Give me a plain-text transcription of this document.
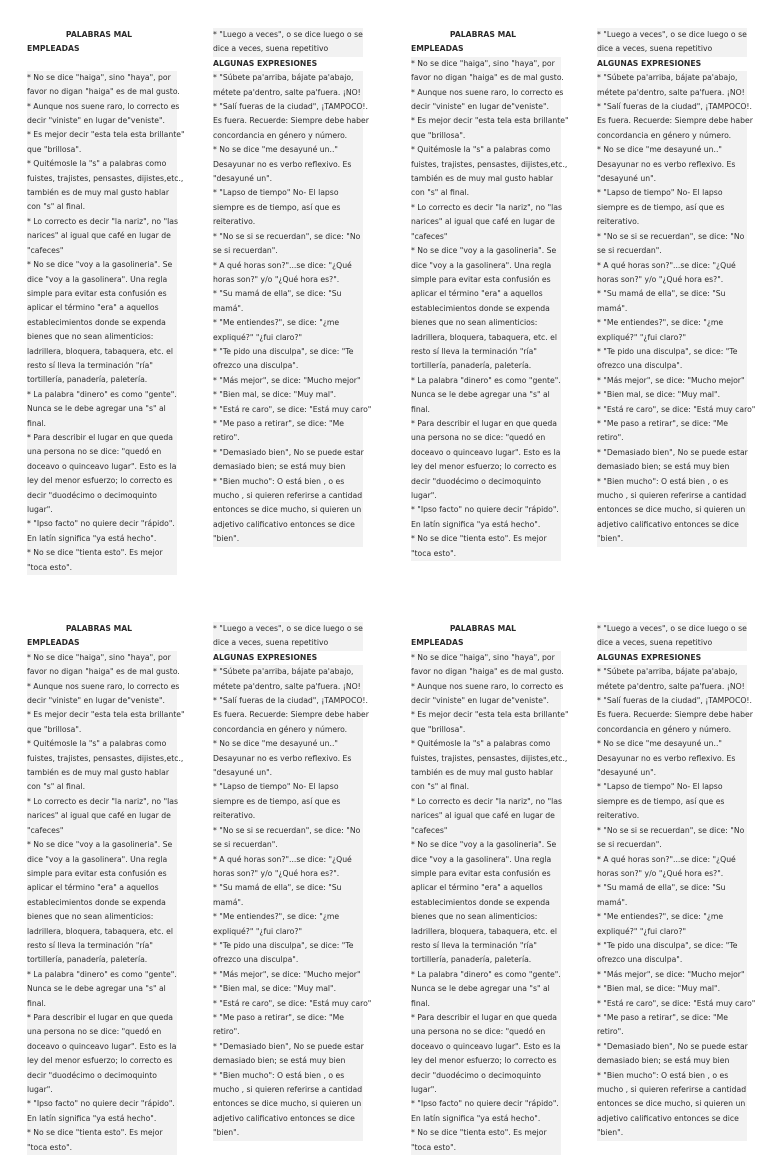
PALABRAS MAL
EMPLEADAS
* No se dice "haiga", sino "haya", por
favor no digan "haiga" es de mal gusto.
* Aunque nos suene raro, lo correcto es
decir "viniste" en lugar de"veniste".
* Es mejor decir "esta tela esta brillante"
que "brillosa".
* Quitémosle la "s" a palabras como
fuistes, trajistes, pensastes, dijistes,etc.,
también es de muy mal gusto hablar
con "s" al final.
* Lo correcto es decir "la nariz", no "las
narices" al igual que café en lugar de
"cafeces"
* No se dice "voy a la gasolineria". Se
dice "voy a la gasolinera". Una regla
simple para evitar esta confusión es
aplicar el término "era" a aquellos
establecimientos donde se expenda
bienes que no sean alimenticios:
ladrillera, bloquera, tabaquera, etc. el
resto sí lleva la terminación "ría"
tortillería, panadería, paletería.
* La palabra "dinero" es como "gente".
Nunca se le debe agregar una "s" al
final.
* Para describir el lugar en que queda
una persona no se dice: "quedó en
doceavo o quinceavo lugar". Esto es la
ley del menor esfuerzo; lo correcto es
decir "duodécimo o decimoquinto
lugar".
* "Ipso facto" no quiere decir "rápido".
En latín significa "ya está hecho".
* No se dice "tienta esto". Es mejor
"toca esto".
* "Luego a veces", o se dice luego o se
dice a veces, suena repetitivo
ALGUNAS EXPRESIONES
* "Súbete pa'arriba, bájate pa'abajo,
métete pa'dentro, salte pa'fuera. ¡NO!
* "Salí fueras de la ciudad", ¡TAMPOCO!.
Es fuera. Recuerde: Siempre debe haber
concordancia en género y número.
* No se dice "me desayuné un.."
Desayunar no es verbo reflexivo. Es
"desayuné un".
* "Lapso de tiempo" No- El lapso
siempre es de tiempo, así que es
reiterativo.
* "No se si se recuerdan", se dice: "No
se si recuerdan".
* A qué horas son?"...se dice: "¿Qué
horas son?" y/o "¿Qué hora es?".
* "Su mamá de ella", se dice: "Su
mamá".
* "Me entiendes?", se dice: "¿me
expliqué?" "¿fui claro?"
* "Te pido una disculpa", se dice: "Te
ofrezco una disculpa".
* "Más mejor", se dice: "Mucho mejor"
* "Bien mal, se dice: "Muy mal".
* "Está re caro", se dice: "Está muy caro"
* "Me paso a retirar", se dice: "Me
retiro".
* "Demasiado bien", No se puede estar
demasiado bien; se está muy bien
* "Bien mucho": O está bien , o es
mucho , si quieren referirse a cantidad
entonces se dice mucho, si quieren un
adjetivo calificativo entonces se dice
"bien".
PALABRAS MAL
EMPLEADAS
* No se dice "haiga", sino "haya", por
favor no digan "haiga" es de mal gusto.
* Aunque nos suene raro, lo correcto es
decir "viniste" en lugar de"veniste".
* Es mejor decir "esta tela esta brillante"
que "brillosa".
* Quitémosle la "s" a palabras como
fuistes, trajistes, pensastes, dijistes,etc.,
también es de muy mal gusto hablar
con "s" al final.
* Lo correcto es decir "la nariz", no "las
narices" al igual que café en lugar de
"cafeces"
* No se dice "voy a la gasolineria". Se
dice "voy a la gasolinera". Una regla
simple para evitar esta confusión es
aplicar el término "era" a aquellos
establecimientos donde se expenda
bienes que no sean alimenticios:
ladrillera, bloquera, tabaquera, etc. el
resto sí lleva la terminación "ría"
tortillería, panadería, paletería.
* La palabra "dinero" es como "gente".
Nunca se le debe agregar una "s" al
final.
* Para describir el lugar en que queda
una persona no se dice: "quedó en
doceavo o quinceavo lugar". Esto es la
ley del menor esfuerzo; lo correcto es
decir "duodécimo o decimoquinto
lugar".
* "Ipso facto" no quiere decir "rápido".
En latín significa "ya está hecho".
* No se dice "tienta esto". Es mejor
"toca esto".
* "Luego a veces", o se dice luego o se
dice a veces, suena repetitivo
ALGUNAS EXPRESIONES
* "Súbete pa'arriba, bájate pa'abajo,
métete pa'dentro, salte pa'fuera. ¡NO!
* "Salí fueras de la ciudad", ¡TAMPOCO!.
Es fuera. Recuerde: Siempre debe haber
concordancia en género y número.
* No se dice "me desayuné un.."
Desayunar no es verbo reflexivo. Es
"desayuné un".
* "Lapso de tiempo" No- El lapso
siempre es de tiempo, así que es
reiterativo.
* "No se si se recuerdan", se dice: "No
se si recuerdan".
* A qué horas son?"...se dice: "¿Qué
horas son?" y/o "¿Qué hora es?".
* "Su mamá de ella", se dice: "Su
mamá".
* "Me entiendes?", se dice: "¿me
expliqué?" "¿fui claro?"
* "Te pido una disculpa", se dice: "Te
ofrezco una disculpa".
* "Más mejor", se dice: "Mucho mejor"
* "Bien mal, se dice: "Muy mal".
* "Está re caro", se dice: "Está muy caro"
* "Me paso a retirar", se dice: "Me
retiro".
* "Demasiado bien", No se puede estar
demasiado bien; se está muy bien
* "Bien mucho": O está bien , o es
mucho , si quieren referirse a cantidad
entonces se dice mucho, si quieren un
adjetivo calificativo entonces se dice
"bien".
PALABRAS MAL
EMPLEADAS
* No se dice "haiga", sino "haya", por
favor no digan "haiga" es de mal gusto.
* Aunque nos suene raro, lo correcto es
decir "viniste" en lugar de"veniste".
* Es mejor decir "esta tela esta brillante"
que "brillosa".
* Quitémosle la "s" a palabras como
fuistes, trajistes, pensastes, dijistes,etc.,
también es de muy mal gusto hablar
con "s" al final.
* Lo correcto es decir "la nariz", no "las
narices" al igual que café en lugar de
"cafeces"
* No se dice "voy a la gasolineria". Se
dice "voy a la gasolinera". Una regla
simple para evitar esta confusión es
aplicar el término "era" a aquellos
establecimientos donde se expenda
bienes que no sean alimenticios:
ladrillera, bloquera, tabaquera, etc. el
resto sí lleva la terminación "ría"
tortillería, panadería, paletería.
* La palabra "dinero" es como "gente".
Nunca se le debe agregar una "s" al
final.
* Para describir el lugar en que queda
una persona no se dice: "quedó en
doceavo o quinceavo lugar". Esto es la
ley del menor esfuerzo; lo correcto es
decir "duodécimo o decimoquinto
lugar".
* "Ipso facto" no quiere decir "rápido".
En latín significa "ya está hecho".
* No se dice "tienta esto". Es mejor
"toca esto".
* "Luego a veces", o se dice luego o se
dice a veces, suena repetitivo
ALGUNAS EXPRESIONES
* "Súbete pa'arriba, bájate pa'abajo,
métete pa'dentro, salte pa'fuera. ¡NO!
* "Salí fueras de la ciudad", ¡TAMPOCO!.
Es fuera. Recuerde: Siempre debe haber
concordancia en género y número.
* No se dice "me desayuné un.."
Desayunar no es verbo reflexivo. Es
"desayuné un".
* "Lapso de tiempo" No- El lapso
siempre es de tiempo, así que es
reiterativo.
* "No se si se recuerdan", se dice: "No
se si recuerdan".
* A qué horas son?"...se dice: "¿Qué
horas son?" y/o "¿Qué hora es?".
* "Su mamá de ella", se dice: "Su
mamá".
* "Me entiendes?", se dice: "¿me
expliqué?" "¿fui claro?"
* "Te pido una disculpa", se dice: "Te
ofrezco una disculpa".
* "Más mejor", se dice: "Mucho mejor"
* "Bien mal, se dice: "Muy mal".
* "Está re caro", se dice: "Está muy caro"
* "Me paso a retirar", se dice: "Me
retiro".
* "Demasiado bien", No se puede estar
demasiado bien; se está muy bien
* "Bien mucho": O está bien , o es
mucho , si quieren referirse a cantidad
entonces se dice mucho, si quieren un
adjetivo calificativo entonces se dice
"bien".
PALABRAS MAL
EMPLEADAS
* No se dice "haiga", sino "haya", por
favor no digan "haiga" es de mal gusto.
* Aunque nos suene raro, lo correcto es
decir "viniste" en lugar de"veniste".
* Es mejor decir "esta tela esta brillante"
que "brillosa".
* Quitémosle la "s" a palabras como
fuistes, trajistes, pensastes, dijistes,etc.,
también es de muy mal gusto hablar
con "s" al final.
* Lo correcto es decir "la nariz", no "las
narices" al igual que café en lugar de
"cafeces"
* No se dice "voy a la gasolineria". Se
dice "voy a la gasolinera". Una regla
simple para evitar esta confusión es
aplicar el término "era" a aquellos
establecimientos donde se expenda
bienes que no sean alimenticios:
ladrillera, bloquera, tabaquera, etc. el
resto sí lleva la terminación "ría"
tortillería, panadería, paletería.
* La palabra "dinero" es como "gente".
Nunca se le debe agregar una "s" al
final.
* Para describir el lugar en que queda
una persona no se dice: "quedó en
doceavo o quinceavo lugar". Esto es la
ley del menor esfuerzo; lo correcto es
decir "duodécimo o decimoquinto
lugar".
* "Ipso facto" no quiere decir "rápido".
En latín significa "ya está hecho".
* No se dice "tienta esto". Es mejor
"toca esto".
* "Luego a veces", o se dice luego o se
dice a veces, suena repetitivo
ALGUNAS EXPRESIONES
* "Súbete pa'arriba, bájate pa'abajo,
métete pa'dentro, salte pa'fuera. ¡NO!
* "Salí fueras de la ciudad", ¡TAMPOCO!.
Es fuera. Recuerde: Siempre debe haber
concordancia en género y número.
* No se dice "me desayuné un.."
Desayunar no es verbo reflexivo. Es
"desayuné un".
* "Lapso de tiempo" No- El lapso
siempre es de tiempo, así que es
reiterativo.
* "No se si se recuerdan", se dice: "No
se si recuerdan".
* A qué horas son?"...se dice: "¿Qué
horas son?" y/o "¿Qué hora es?".
* "Su mamá de ella", se dice: "Su
mamá".
* "Me entiendes?", se dice: "¿me
expliqué?" "¿fui claro?"
* "Te pido una disculpa", se dice: "Te
ofrezco una disculpa".
* "Más mejor", se dice: "Mucho mejor"
* "Bien mal, se dice: "Muy mal".
* "Está re caro", se dice: "Está muy caro"
* "Me paso a retirar", se dice: "Me
retiro".
* "Demasiado bien", No se puede estar
demasiado bien; se está muy bien
* "Bien mucho": O está bien , o es
mucho , si quieren referirse a cantidad
entonces se dice mucho, si quieren un
adjetivo calificativo entonces se dice
"bien".
